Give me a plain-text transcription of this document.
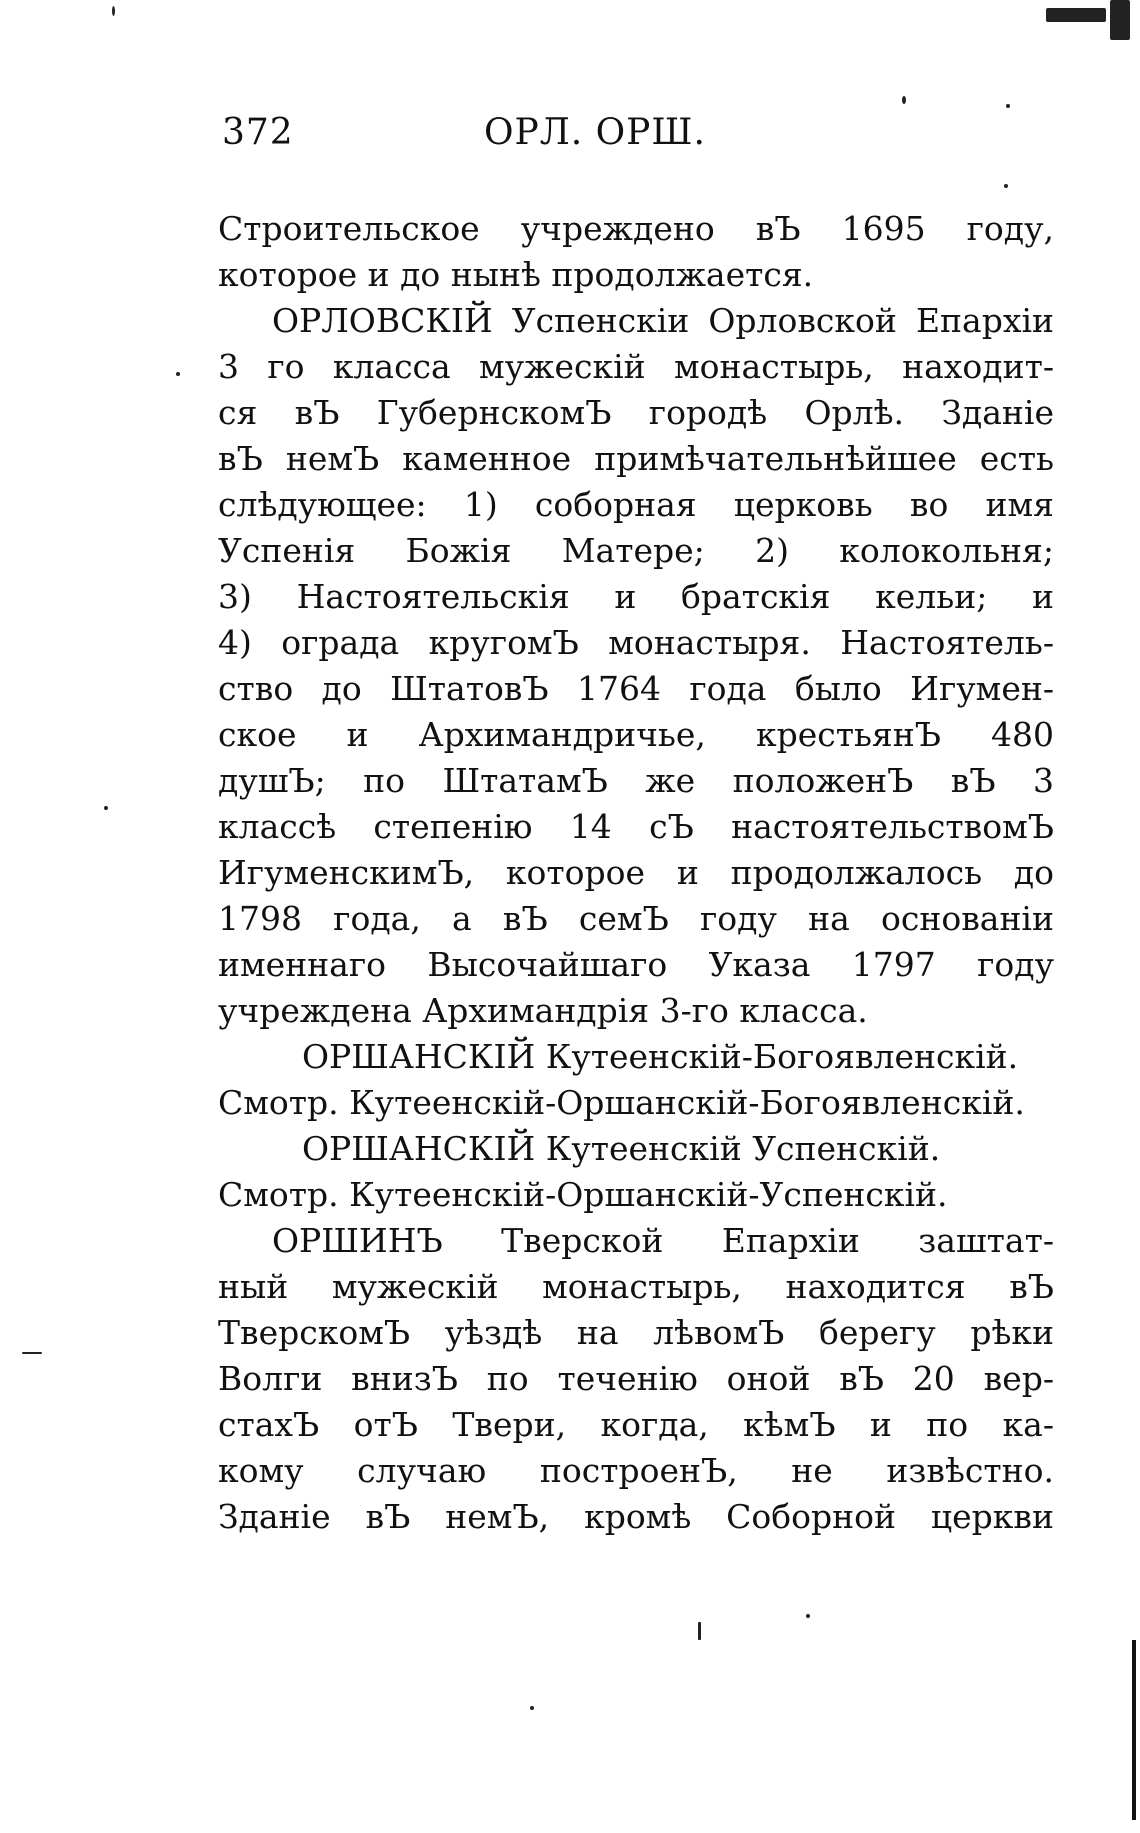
372	ОРЛ. ОРШ.
Строительское учреждено вЪ 1695 году,
которое и до нынѣ продолжается.
ОРЛОВСКІЙ Успенскіи Орловской Епархіи
3 го класса мужескій монастырь, находит-
ся вЪ ГубернскомЪ городѣ Орлѣ. Зданіе
вЪ немЪ каменное примѣчательнѣйшее есть
слѣдующее: 1) соборная церковь во имя
Успенія Божія Матере; 2) колокольня;
3) Настоятельскія и братскія кельи; и
4) ограда кругомЪ монастыря. Настоятель-
ство до ШтатовЪ 1764 года было Игумен-
ское и Архимандричье, крестьянЪ 480
душЪ; по ШтатамЪ же положенЪ вЪ 3
классѣ степенію 14 сЪ настоятельствомЪ
ИгуменскимЪ, которое и продолжалось до
1798 года, а вЪ семЪ году на основаніи
именнаго Высочайшаго Указа 1797 году
учреждена Архимандрія 3-го класса.
ОРШАНСКІЙ Кутеенскій-Богоявленскій.
Смотр. Кутеенскій-Оршанскій-Богоявленскій.
ОРШАНСКІЙ Кутеенскій Успенскій.
Смотр. Кутеенскій-Оршанскій-Успенскій.
ОРШИНЪ Тверской Епархіи заштат-
ный мужескій монастырь, находится вЪ
ТверскомЪ уѣздѣ на лѣвомЪ берегу рѣки
Волги внизЪ по теченію оной вЪ 20 вер-
стахЪ отЪ Твери, когда, кѣмЪ и по ка-
кому случаю построенЪ, не извѣстно.
Зданіе вЪ немЪ, кромѣ Соборной церкви
